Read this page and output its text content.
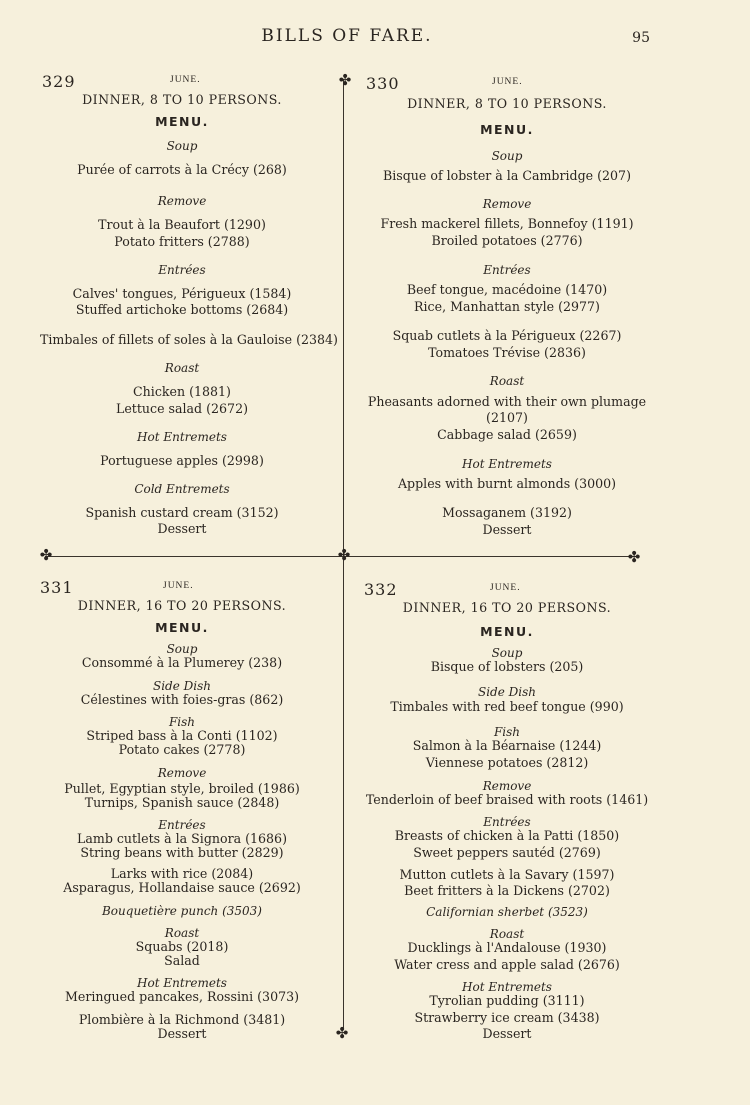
BILLS OF FARE.	95
✤
✤	✤	✤
✤
329	JUNE.
DINNER, 8 TO 10 PERSONS.
MENU.
Soup
Purée of carrots à la Crécy (268)
Remove
Trout à la Beaufort (1290)
Potato fritters (2788)
Entrées
Calves' tongues, Périgueux (1584)
Stuffed artichoke bottoms (2684)
Timbales of fillets of soles à la Gauloise (2384)
Roast
Chicken (1881)
Lettuce salad (2672)
Hot Entremets
Portuguese apples (2998)
Cold Entremets
Spanish custard cream (3152)
Dessert
330	JUNE.
DINNER, 8 TO 10 PERSONS.
MENU.
Soup
Bisque of lobster à la Cambridge (207)
Remove
Fresh mackerel fillets, Bonnefoy (1191)
Broiled potatoes (2776)
Entrées
Beef tongue, macédoine (1470)
Rice, Manhattan style (2977)
Squab cutlets à la Périgueux (2267)
Tomatoes Trévise (2836)
Roast
Pheasants adorned with their own plumage
(2107)
Cabbage salad (2659)
Hot Entremets
Apples with burnt almonds (3000)
Mossaganem (3192)
Dessert
331	JUNE.
DINNER, 16 TO 20 PERSONS.
MENU.
Soup
Consommé à la Plumerey (238)
Side Dish
Célestines with foies-gras (862)
Fish
Striped bass à la Conti (1102)
Potato cakes (2778)
Remove
Pullet, Egyptian style, broiled (1986)
Turnips, Spanish sauce (2848)
Entrées
Lamb cutlets à la Signora (1686)
String beans with butter (2829)
Larks with rice (2084)
Asparagus, Hollandaise sauce (2692)
Bouquetière punch (3503)
Roast
Squabs (2018)
Salad
Hot Entremets
Meringued pancakes, Rossini (3073)
Plombière à la Richmond (3481)
Dessert
332	JUNE.
DINNER, 16 TO 20 PERSONS.
MENU.
Soup
Bisque of lobsters (205)
Side Dish
Timbales with red beef tongue (990)
Fish
Salmon à la Béarnaise (1244)
Viennese potatoes (2812)
Remove
Tenderloin of beef braised with roots (1461)
Entrées
Breasts of chicken à la Patti (1850)
Sweet peppers sautéd (2769)
Mutton cutlets à la Savary (1597)
Beet fritters à la Dickens (2702)
Californian sherbet (3523)
Roast
Ducklings à l'Andalouse (1930)
Water cress and apple salad (2676)
Hot Entremets
Tyrolian pudding (3111)
Strawberry ice cream (3438)
Dessert
